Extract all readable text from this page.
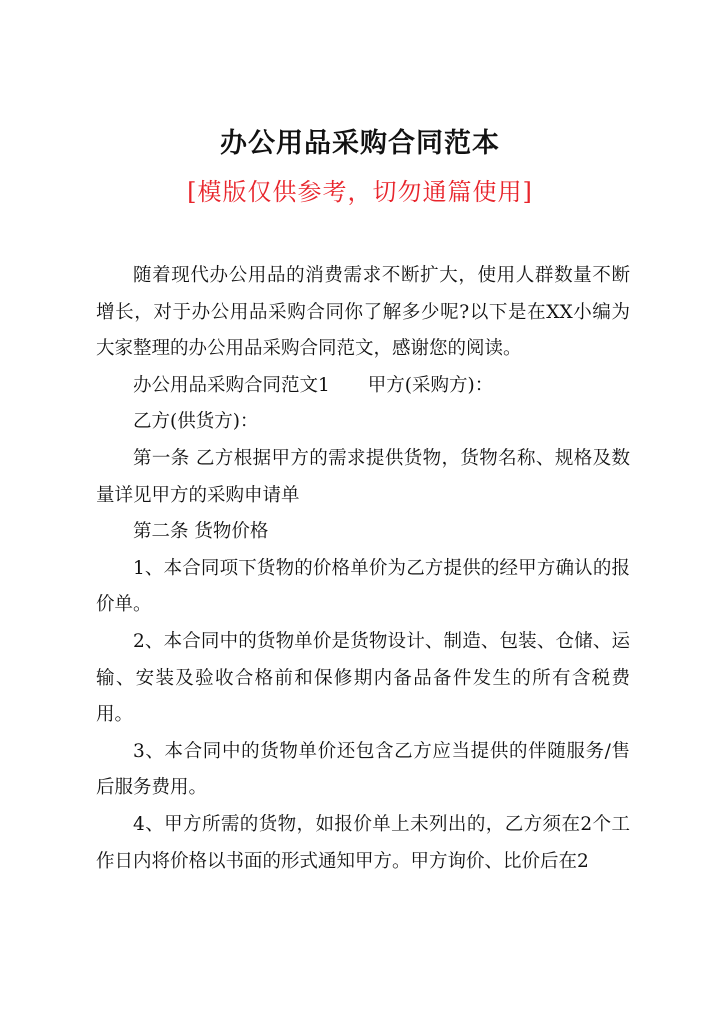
办公用品采购合同范本
[模版仅供参考，切勿通篇使用]

随着现代办公用品的消费需求不断扩大，使用人群数量不断增长，对于办公用品采购合同你了解多少呢?以下是在XX小编为大家整理的办公用品采购合同范文，感谢您的阅读。

办公用品采购合同范文1 甲方(采购方)：

乙方(供货方)：

第一条 乙方根据甲方的需求提供货物，货物名称、规格及数量详见甲方的采购申请单

第二条 货物价格

1、本合同项下货物的价格单价为乙方提供的经甲方确认的报价单。

2、本合同中的货物单价是货物设计、制造、包装、仓储、运输、安装及验收合格前和保修期内备品备件发生的所有含税费用。

3、本合同中的货物单价还包含乙方应当提供的伴随服务/售后服务费用。

4、甲方所需的货物，如报价单上未列出的，乙方须在2个工作日内将价格以书面的形式通知甲方。甲方询价、比价后在2
